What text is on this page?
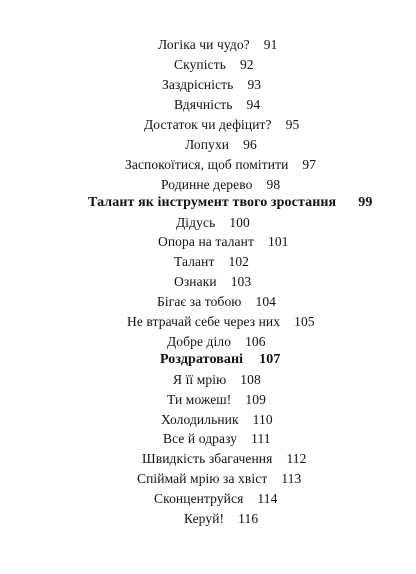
Логіка чи чудо? 91
Скупість 92
Заздрісність 93
Вдячність 94
Достаток чи дефіцит? 95
Лопухи 96
Заспокоїтися, щоб помітити 97
Родинне дерево 98
Талант як інструмент твого зростання 99
Дідусь 100
Опора на талант 101
Талант 102
Ознаки 103
Бігає за тобою 104
Не втрачай себе через них 105
Добре діло 106
Роздратовані 107
Я її мрію 108
Ти можеш! 109
Холодильник 110
Все й одразу 111
Швидкість збагачення 112
Спіймай мрію за хвіст 113
Сконцентруйся 114
Керуй! 116
